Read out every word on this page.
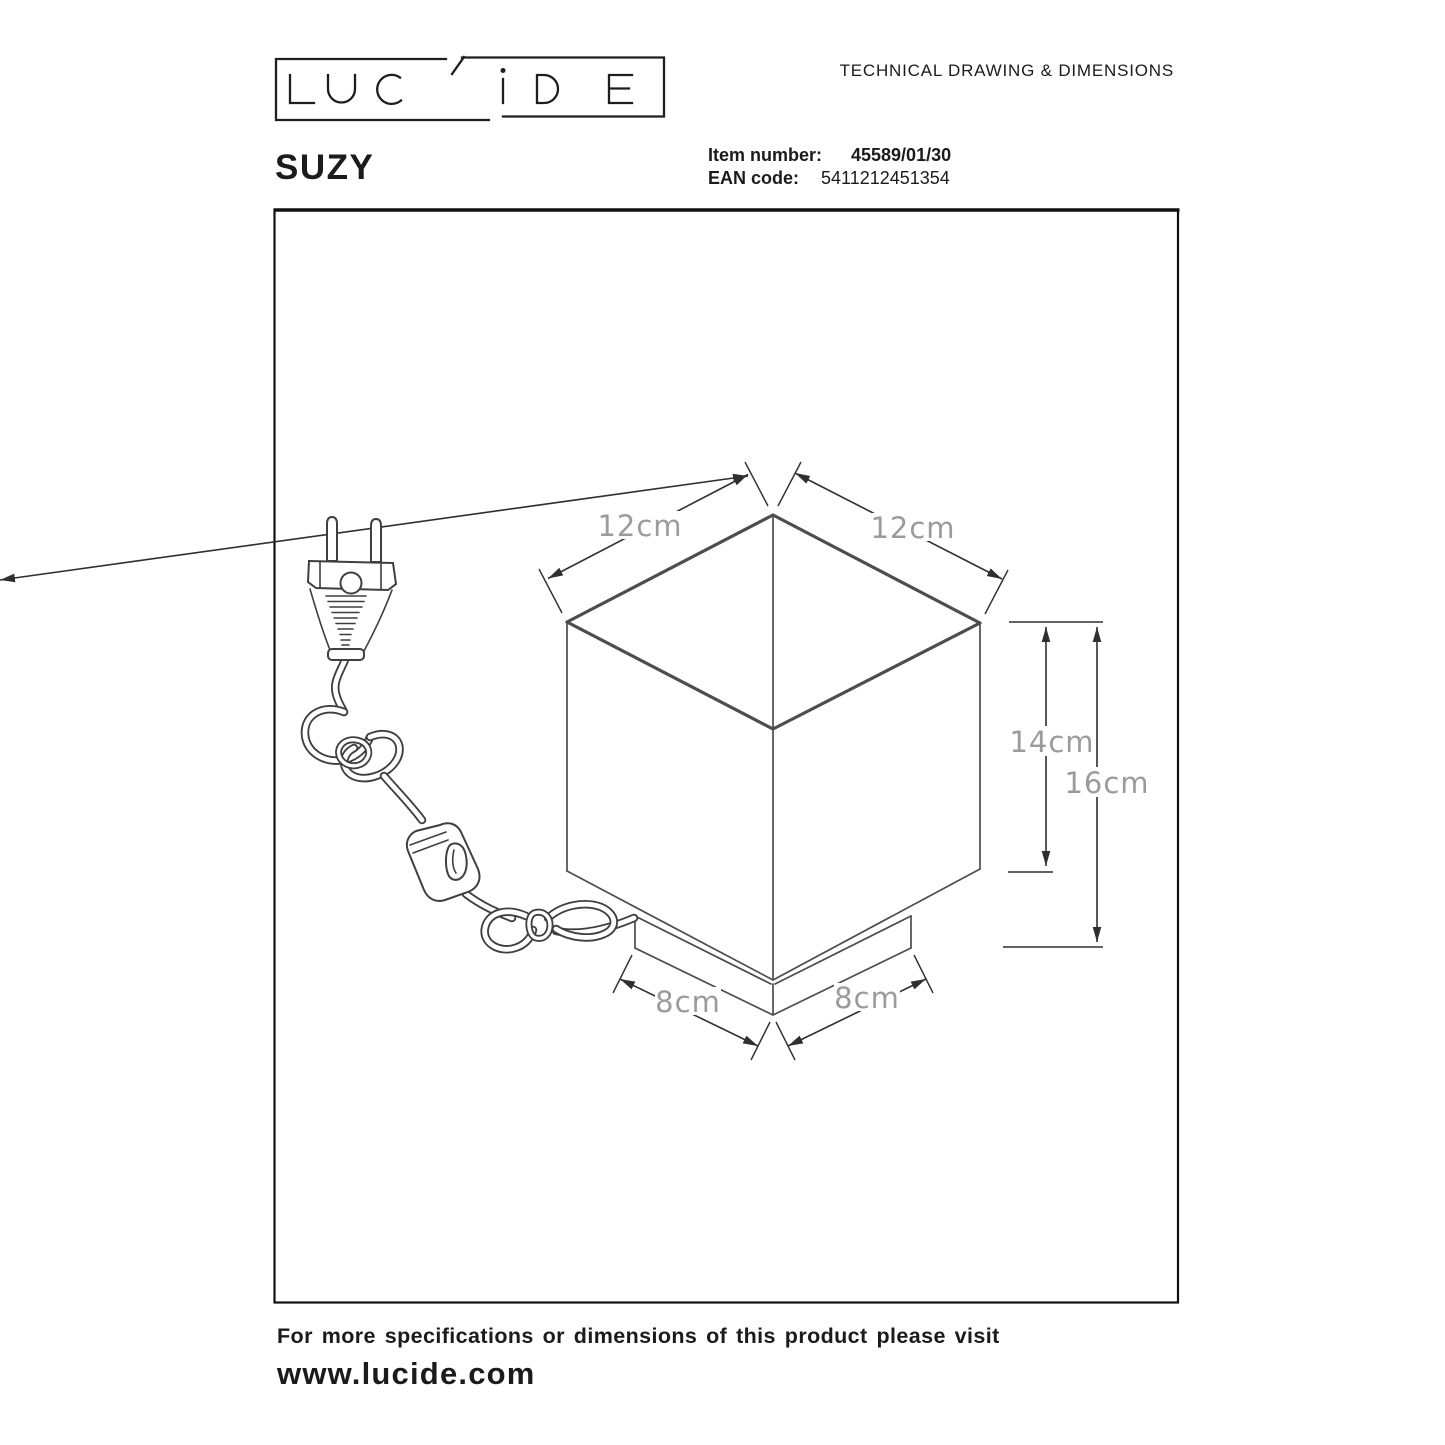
TECHNICAL DRAWING & DIMENSIONS
SUZY	Item number: 45589/01/30
EAN code: 5411212451354
12cm	12cm
14cm
16cm
8cm	8cm
For more specifications or dimensions of this product please visit
www.lucide.com
